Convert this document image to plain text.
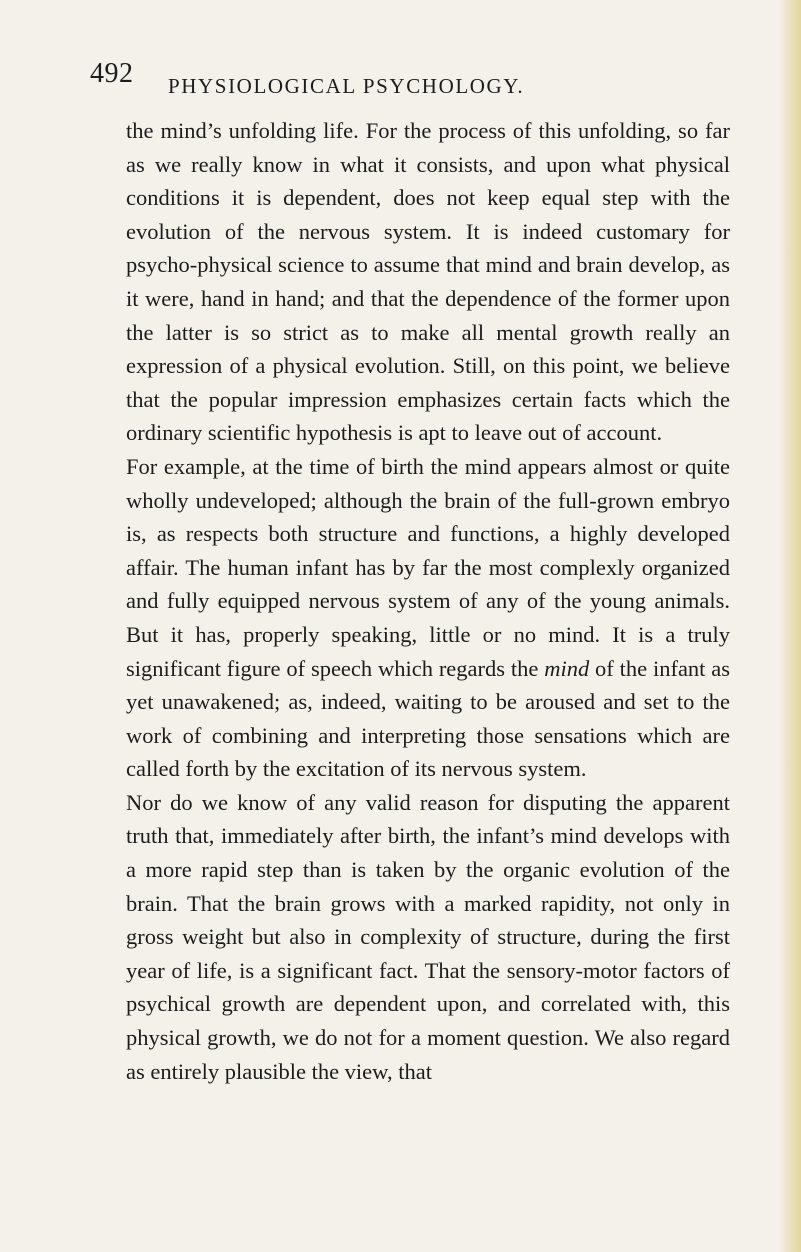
492 PHYSIOLOGICAL PSYCHOLOGY.

the mind’s unfolding life. For the process of this unfolding, so far as we really know in what it consists, and upon what physical conditions it is dependent, does not keep equal step with the evolution of the nervous system. It is indeed customary for psycho-physical science to assume that mind and brain develop, as it were, hand in hand; and that the dependence of the former upon the latter is so strict as to make all mental growth really an expression of a physical evolution. Still, on this point, we believe that the popular impression emphasizes certain facts which the ordinary scientific hypothesis is apt to leave out of account.

For example, at the time of birth the mind appears almost or quite wholly undeveloped; although the brain of the full-grown embryo is, as respects both structure and functions, a highly developed affair. The human infant has by far the most complexly organized and fully equipped nervous system of any of the young animals. But it has, properly speaking, little or no mind. It is a truly significant figure of speech which regards the mind of the infant as yet unawakened; as, indeed, waiting to be aroused and set to the work of combining and interpreting those sensations which are called forth by the excitation of its nervous system.

Nor do we know of any valid reason for disputing the apparent truth that, immediately after birth, the infant’s mind develops with a more rapid step than is taken by the organic evolution of the brain. That the brain grows with a marked rapidity, not only in gross weight but also in complexity of structure, during the first year of life, is a significant fact. That the sensory-motor factors of psychical growth are dependent upon, and correlated with, this physical growth, we do not for a moment question. We also regard as entirely plausible the view, that
